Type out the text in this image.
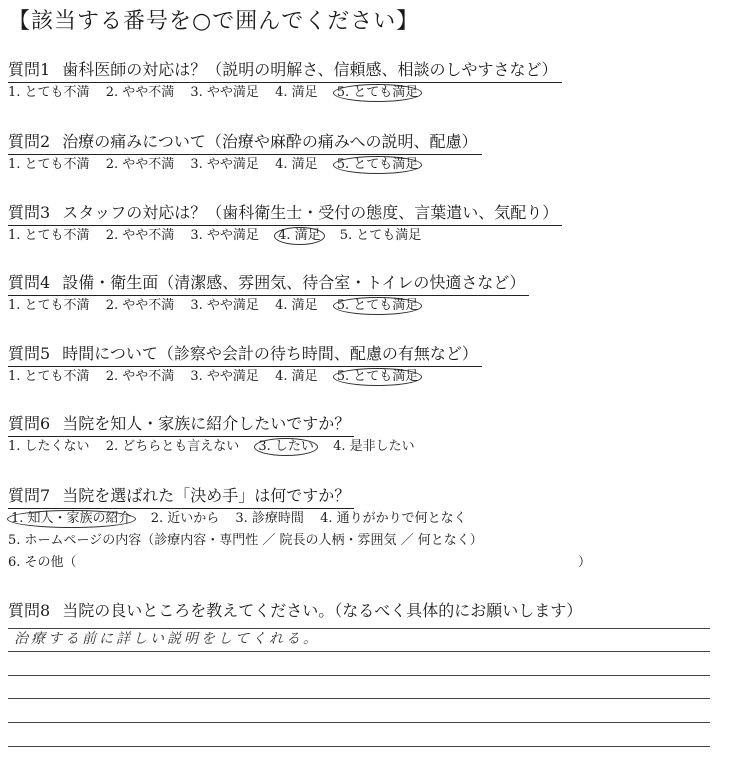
【該当する番号を○で囲んでください】
質問1 歯科医師の対応は？（説明の明解さ、信頼感、相談のしやすさなど）
1. とても不満 2. やや不満 3. やや満足 4. 満足 5. とても満足
質問2 治療の痛みについて（治療や麻酔の痛みへの説明、配慮）
1. とても不満 2. やや不満 3. やや満足 4. 満足 5. とても満足
質問3 スタッフの対応は？（歯科衛生士・受付の態度、言葉遣い、気配り）
1. とても不満 2. やや不満 3. やや満足 4. 満足 5. とても満足
質問4 設備・衛生面（清潔感、雰囲気、待合室・トイレの快適さなど）
1. とても不満 2. やや不満 3. やや満足 4. 満足 5. とても満足
質問5 時間について（診察や会計の待ち時間、配慮の有無など）
1. とても不満 2. やや不満 3. やや満足 4. 満足 5. とても満足
質問6 当院を知人・家族に紹介したいですか？
1. したくない 2. どちらとも言えない 3. したい 4. 是非したい
質問7 当院を選ばれた「決め手」は何ですか？
1. 知人・家族の紹介 2. 近いから 3. 診療時間 4. 通りがかりで何となく
5. ホームページの内容（診療内容・専門性 ／ 院長の人柄・雰囲気 ／ 何となく）
6. その他（	）
質問8 当院の良いところを教えてください。（なるべく具体的にお願いします）
治療する前に詳しい説明をしてくれる。
